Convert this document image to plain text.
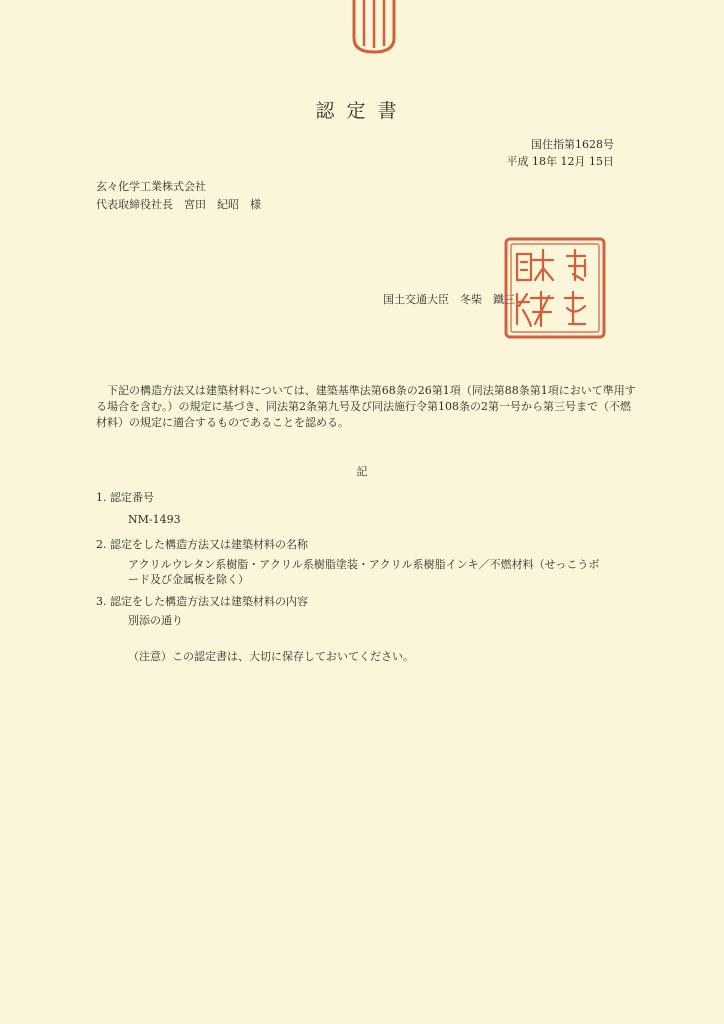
認定書
国住指第1628号
平成 18年 12月 15日
玄々化学工業株式会社
代表取締役社長　宮田　紀昭　様
国土交通大臣　冬柴　鐵三
下記の構造方法又は建築材料については、建築基準法第68条の26第1項（同法第88条第1項において準用する場合を含む。）の規定に基づき、同法第2条第九号及び同法施行令第108条の2第一号から第三号まで（不燃材料）の規定に適合するものであることを認める。
記
1. 認定番号
NM-1493
2. 認定をした構造方法又は建築材料の名称
アクリルウレタン系樹脂・アクリル系樹脂塗装・アクリル系樹脂インキ／不燃材料（せっこうボード及び金属板を除く）
3. 認定をした構造方法又は建築材料の内容
別添の通り
（注意）この認定書は、大切に保存しておいてください。
